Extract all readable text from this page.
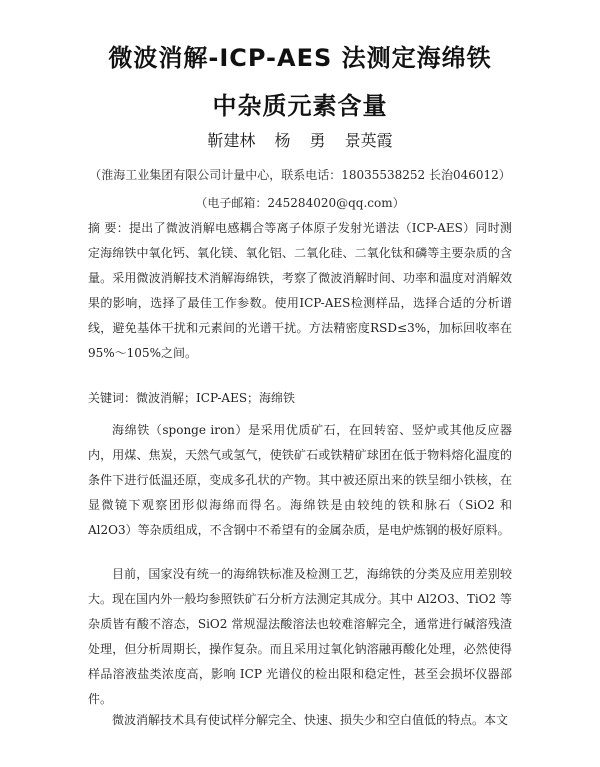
微波消解-ICP-AES 法测定海绵铁
中杂质元素含量
靳建林 杨 勇 景英霞
（淮海工业集团有限公司计量中心，联系电话：18035538252 长治046012）
（电子邮箱：245284020@qq.com）

摘 要：提出了微波消解电感耦合等离子体原子发射光谱法（ICP-AES）同时测定海绵铁中氧化钙、氧化镁、氧化铝、二氧化硅、二氧化钛和磷等主要杂质的含量。采用微波消解技术消解海绵铁，考察了微波消解时间、功率和温度对消解效果的影响，选择了最佳工作参数。使用ICP-AES检测样品，选择合适的分析谱线，避免基体干扰和元素间的光谱干扰。方法精密度RSD≤3%，加标回收率在95%～105%之间。

关键词：微波消解；ICP-AES；海绵铁

海绵铁（sponge iron）是采用优质矿石，在回转窑、竖炉或其他反应器内，用煤、焦炭，天然气或氢气，使铁矿石或铁精矿球团在低于物料熔化温度的条件下进行低温还原，变成多孔状的产物。其中被还原出来的铁呈细小铁核，在显微镜下观察团形似海绵而得名。海绵铁是由较纯的铁和脉石（SiO2 和 Al2O3）等杂质组成，不含钢中不希望有的金属杂质，是电炉炼钢的极好原料。

目前，国家没有统一的海绵铁标准及检测工艺，海绵铁的分类及应用差别较大。现在国内外一般均参照铁矿石分析方法测定其成分。其中 Al2O3、TiO2 等杂质皆有酸不溶态，SiO2 常规湿法酸溶法也较难溶解完全，通常进行碱溶残渣处理，但分析周期长，操作复杂。而且采用过氧化钠溶融再酸化处理，必然使得样品溶液盐类浓度高，影响 ICP 光谱仪的检出限和稳定性，甚至会损坏仪器部件。

微波消解技术具有使试样分解完全、快速、损失少和空白值低的特点。本文
